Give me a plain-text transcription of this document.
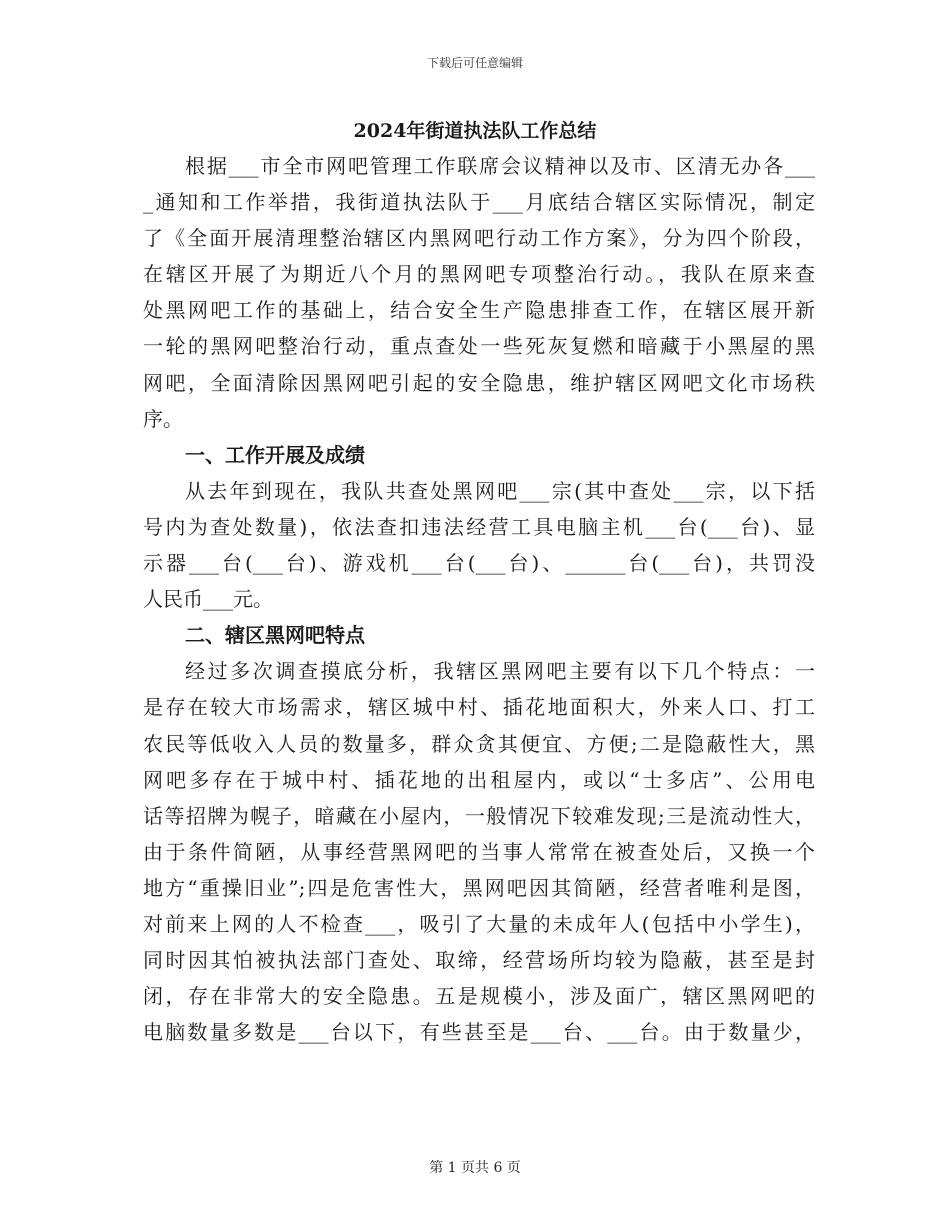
下载后可任意编辑
2024年街道执法队工作总结
根据___市全市网吧管理工作联席会议精神以及市、区清无办各___
_通知和工作举措，我街道执法队于___月底结合辖区实际情况，制定
了《全面开展清理整治辖区内黑网吧行动工作方案》，分为四个阶段，
在辖区开展了为期近八个月的黑网吧专项整治行动。，我队在原来查
处黑网吧工作的基础上，结合安全生产隐患排查工作，在辖区展开新
一轮的黑网吧整治行动，重点查处一些死灰复燃和暗藏于小黑屋的黑
网吧，全面清除因黑网吧引起的安全隐患，维护辖区网吧文化市场秩
序。
一、工作开展及成绩
从去年到现在，我队共查处黑网吧___宗(其中查处___宗，以下括
号内为查处数量)，依法查扣违法经营工具电脑主机___台(___台)、显
示器___台(___台)、游戏机___台(___台)、______台(___台)，共罚没
人民币___元。
二、辖区黑网吧特点
经过多次调查摸底分析，我辖区黑网吧主要有以下几个特点：一
是存在较大市场需求，辖区城中村、插花地面积大，外来人口、打工
农民等低收入人员的数量多，群众贪其便宜、方便;二是隐蔽性大，黑
网吧多存在于城中村、插花地的出租屋内，或以“士多店”、公用电
话等招牌为幌子，暗藏在小屋内，一般情况下较难发现;三是流动性大，
由于条件简陋，从事经营黑网吧的当事人常常在被查处后，又换一个
地方“重操旧业”;四是危害性大，黑网吧因其简陋，经营者唯利是图，
对前来上网的人不检查___，吸引了大量的未成年人(包括中小学生)，
同时因其怕被执法部门查处、取缔，经营场所均较为隐蔽，甚至是封
闭，存在非常大的安全隐患。五是规模小，涉及面广，辖区黑网吧的
电脑数量多数是___台以下，有些甚至是___台、___台。由于数量少，
第 1 页共 6 页
